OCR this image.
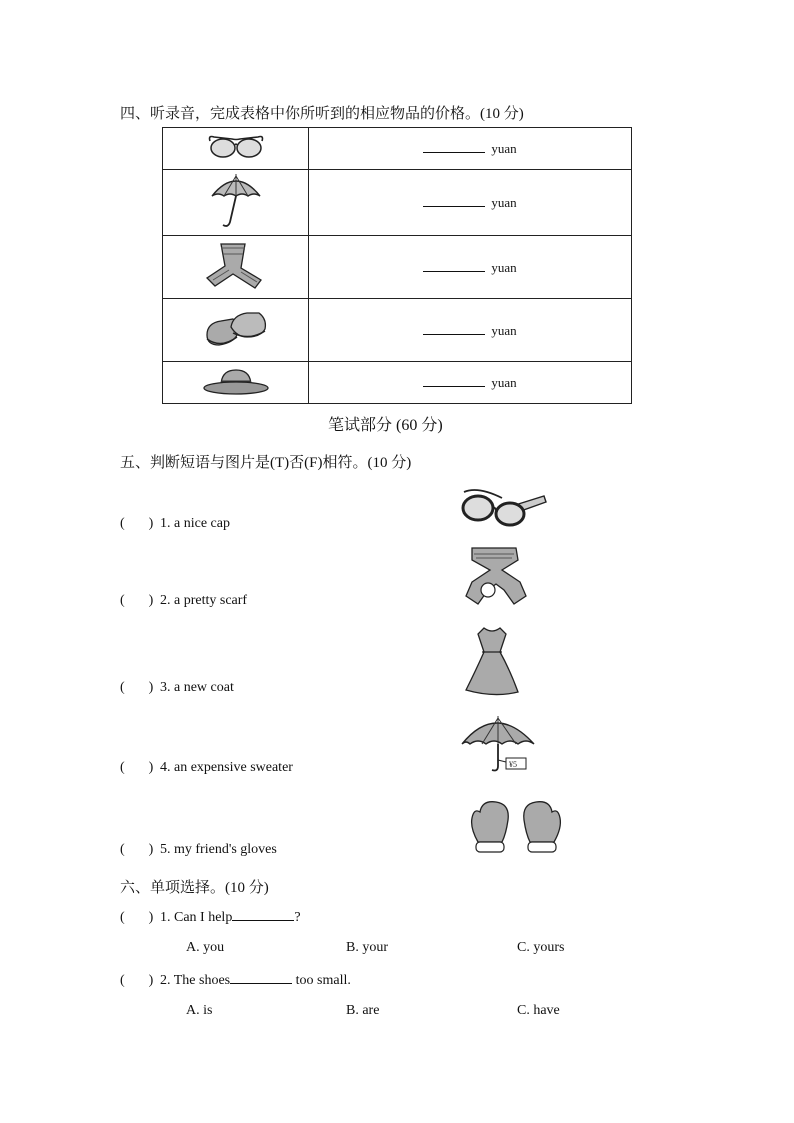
四、听录音，完成表格中你所听到的相应物品的价格。(10 分)
	yuan
	yuan
	yuan
	yuan
	yuan
笔试部分 (60 分)
五、判断短语与图片是(T)否(F)相符。(10 分)
( ) 1. a nice cap
( ) 2. a pretty scarf
( ) 3. a new coat
( ) 4. an expensive sweater	¥5
( ) 5. my friend's gloves
六、单项选择。(10 分)
( ) 1. Can I help	?
A. you	B. your	C. yours
( ) 2. The shoes	too small.
A. is	B. are	C. have
